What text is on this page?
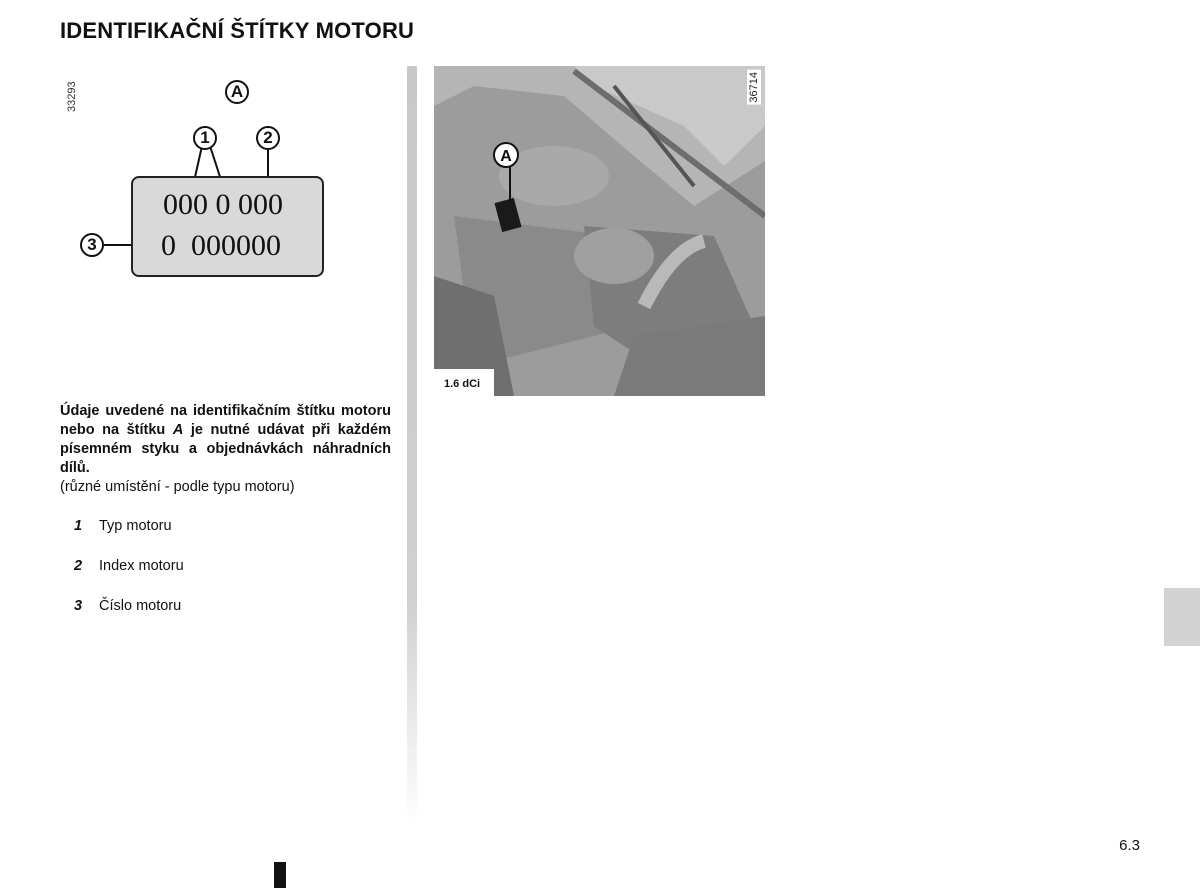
IDENTIFIKAČNÍ ŠTÍTKY MOTORU
33293	A
1	2
3
000 0 000
0  000000
A
36714
1.6 dCi
Údaje uvedené na identifikačním štítku motoru nebo na štítku A je nutné udávat při každém písemném styku a objednávkách náhradních dílů.
(různé umístění - podle typu motoru)
1 Typ motoru
2 Index motoru
3 Číslo motoru
6.3
